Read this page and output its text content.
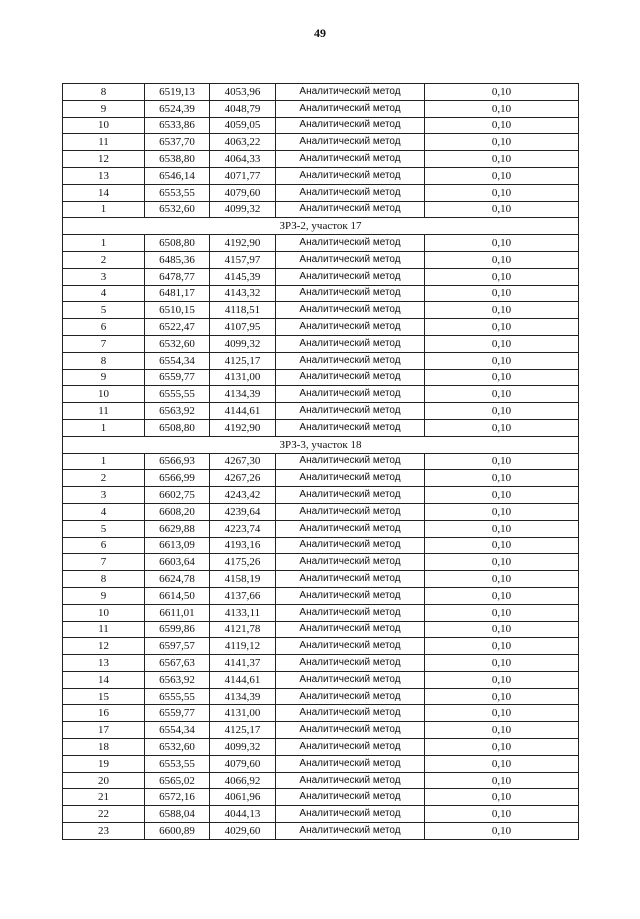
49
8	6519,13	4053,96	Аналитический метод	0,10
9	6524,39	4048,79	Аналитический метод	0,10
10	6533,86	4059,05	Аналитический метод	0,10
11	6537,70	4063,22	Аналитический метод	0,10
12	6538,80	4064,33	Аналитический метод	0,10
13	6546,14	4071,77	Аналитический метод	0,10
14	6553,55	4079,60	Аналитический метод	0,10
1	6532,60	4099,32	Аналитический метод	0,10
ЗРЗ-2, участок 17				
1	6508,80	4192,90	Аналитический метод	0,10
2	6485,36	4157,97	Аналитический метод	0,10
3	6478,77	4145,39	Аналитический метод	0,10
4	6481,17	4143,32	Аналитический метод	0,10
5	6510,15	4118,51	Аналитический метод	0,10
6	6522,47	4107,95	Аналитический метод	0,10
7	6532,60	4099,32	Аналитический метод	0,10
8	6554,34	4125,17	Аналитический метод	0,10
9	6559,77	4131,00	Аналитический метод	0,10
10	6555,55	4134,39	Аналитический метод	0,10
11	6563,92	4144,61	Аналитический метод	0,10
1	6508,80	4192,90	Аналитический метод	0,10
ЗРЗ-3, участок 18				
1	6566,93	4267,30	Аналитический метод	0,10
2	6566,99	4267,26	Аналитический метод	0,10
3	6602,75	4243,42	Аналитический метод	0,10
4	6608,20	4239,64	Аналитический метод	0,10
5	6629,88	4223,74	Аналитический метод	0,10
6	6613,09	4193,16	Аналитический метод	0,10
7	6603,64	4175,26	Аналитический метод	0,10
8	6624,78	4158,19	Аналитический метод	0,10
9	6614,50	4137,66	Аналитический метод	0,10
10	6611,01	4133,11	Аналитический метод	0,10
11	6599,86	4121,78	Аналитический метод	0,10
12	6597,57	4119,12	Аналитический метод	0,10
13	6567,63	4141,37	Аналитический метод	0,10
14	6563,92	4144,61	Аналитический метод	0,10
15	6555,55	4134,39	Аналитический метод	0,10
16	6559,77	4131,00	Аналитический метод	0,10
17	6554,34	4125,17	Аналитический метод	0,10
18	6532,60	4099,32	Аналитический метод	0,10
19	6553,55	4079,60	Аналитический метод	0,10
20	6565,02	4066,92	Аналитический метод	0,10
21	6572,16	4061,96	Аналитический метод	0,10
22	6588,04	4044,13	Аналитический метод	0,10
23	6600,89	4029,60	Аналитический метод	0,10
